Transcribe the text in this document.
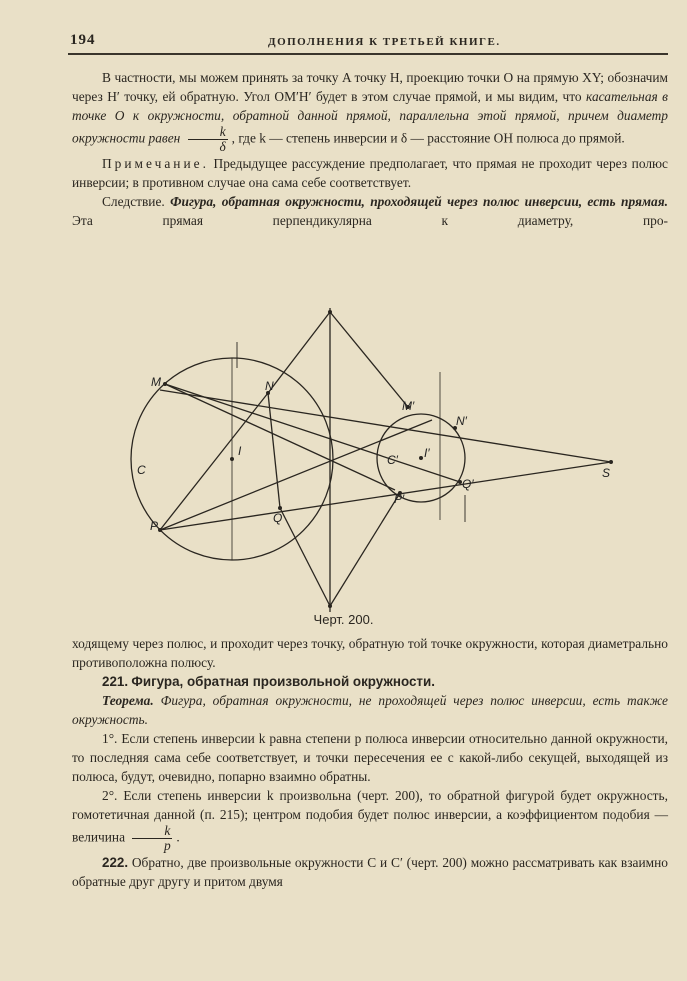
194	ДОПОЛНЕНИЯ К ТРЕТЬЕЙ КНИГЕ.

В частности, мы можем принять за точку A точку H, проекцию точки O на прямую XY; обозначим через H′ точку, ей обратную. Угол OM′H′ будет в этом случае прямой, и мы видим, что касательная в точке O к окружности, обратной данной прямой, параллельна этой прямой, причем диаметр окружности равен $\frac{k}{\delta}$ , где k — степень инверсии и δ — расстояние OH полюса до прямой.

Примечание. Предыдущее рассуждение предполагает, что прямая не проходит через полюс инверсии; в противном случае она сама себе соответствует.

Следствие. Фигура, обратная окружности, проходящей через полюс инверсии, есть прямая. Эта прямая перпендикулярна к диаметру, про-

M	N
C
I
P
Q
M′
N′
C′ I′
P′
Q′
S
Черт. 200.

ходящему через полюс, и проходит через точку, обратную той точке окружности, которая диаметрально противоположна полюсу.

221. Фигура, обратная произвольной окружности.

Теорема. Фигура, обратная окружности, не проходящей через полюс инверсии, есть также окружность.

1°. Если степень инверсии k равна степени p полюса инверсии относительно данной окружности, то последняя сама себе соответствует, и точки пересечения ее с какой-либо секущей, выходящей из полюса, будут, очевидно, попарно взаимно обратны.

2°. Если степень инверсии k произвольна (черт. 200), то обратной фигурой будет окружность, гомотетичная данной (п. 215); центром подобия будет полюс инверсии, а коэффициентом подобия — величина $\frac{k}{p}$ .

222. Обратно, две произвольные окружности C и C′ (черт. 200) можно рассматривать как взаимно обратные друг другу и притом двумя
